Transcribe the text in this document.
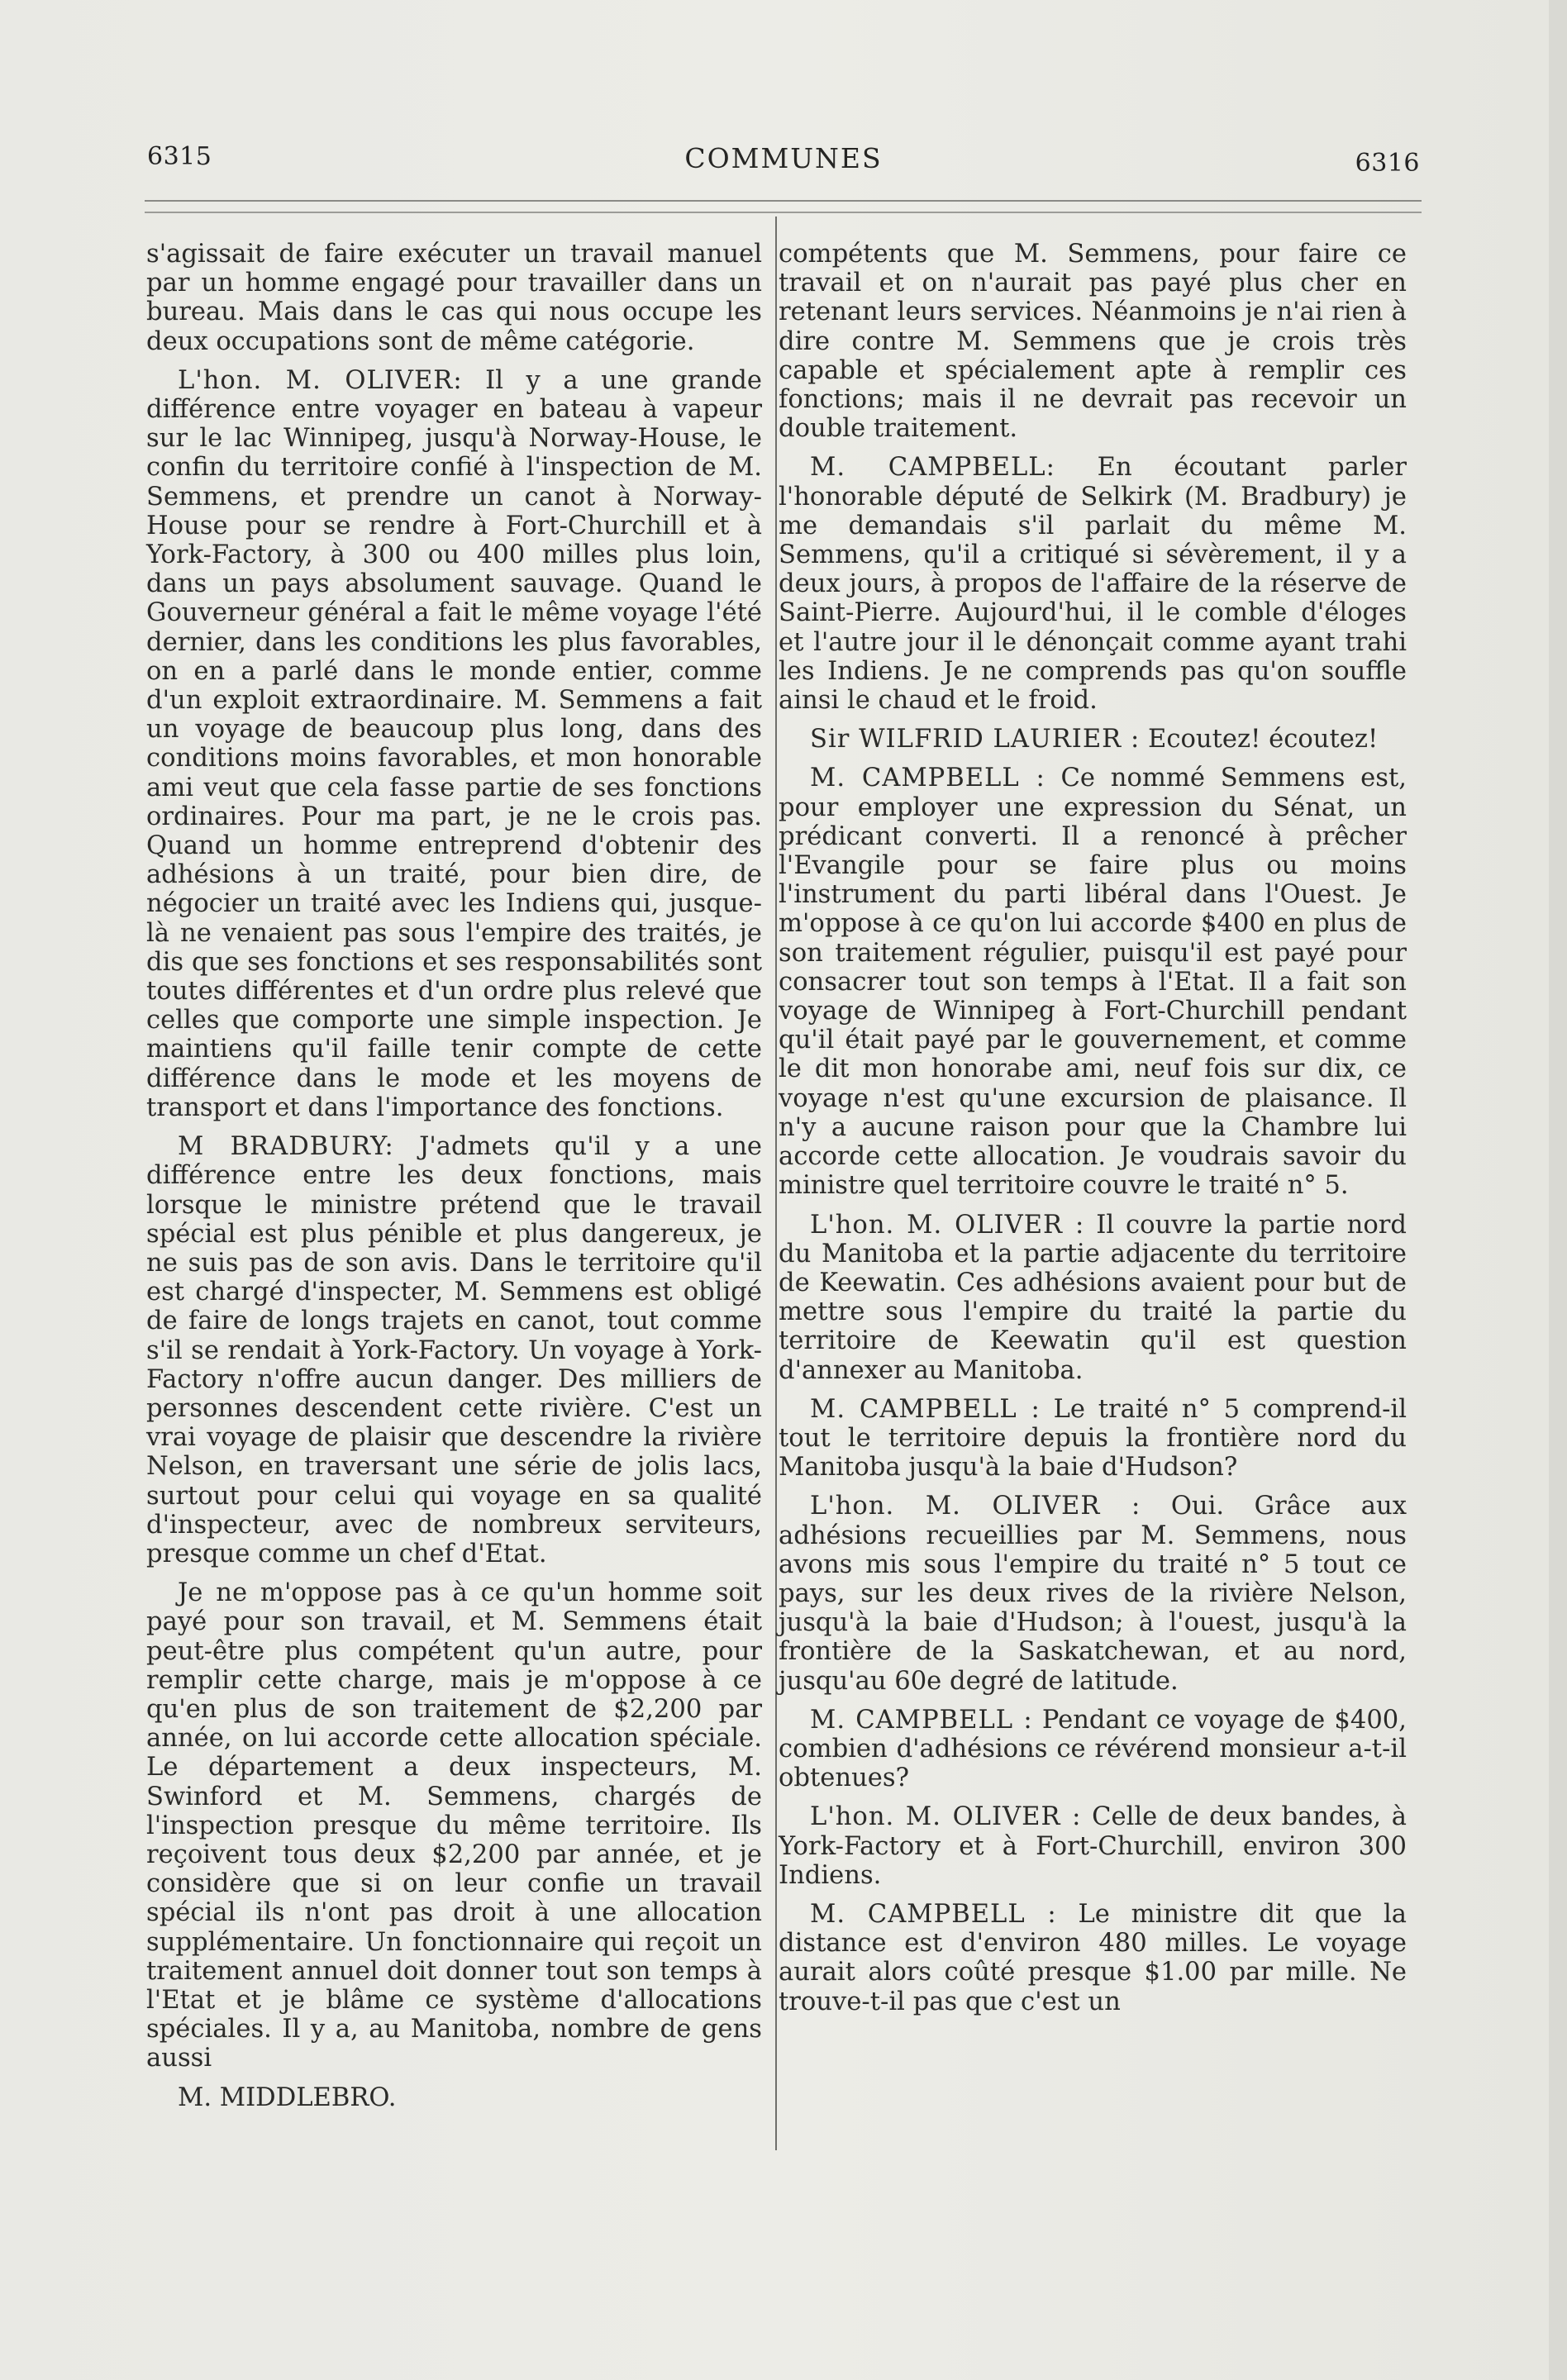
6315	COMMUNES	6316

s'agissait de faire exécuter un travail manuel par un homme engagé pour travailler dans un bureau. Mais dans le cas qui nous occupe les deux occupations sont de même catégorie.

L'hon. M. OLIVER: Il y a une grande différence entre voyager en bateau à vapeur sur le lac Winnipeg, jusqu'à Norway-House, le confin du territoire confié à l'inspection de M. Semmens, et prendre un canot à Norway-House pour se rendre à Fort-Churchill et à York-Factory, à 300 ou 400 milles plus loin, dans un pays absolument sauvage. Quand le Gouverneur général a fait le même voyage l'été dernier, dans les conditions les plus favorables, on en a parlé dans le monde entier, comme d'un exploit extraordinaire. M. Semmens a fait un voyage de beaucoup plus long, dans des conditions moins favorables, et mon honorable ami veut que cela fasse partie de ses fonctions ordinaires. Pour ma part, je ne le crois pas. Quand un homme entreprend d'obtenir des adhésions à un traité, pour bien dire, de négocier un traité avec les Indiens qui, jusque-là ne venaient pas sous l'empire des traités, je dis que ses fonctions et ses responsabilités sont toutes différentes et d'un ordre plus relevé que celles que comporte une simple inspection. Je maintiens qu'il faille tenir compte de cette différence dans le mode et les moyens de transport et dans l'importance des fonctions.

M BRADBURY: J'admets qu'il y a une différence entre les deux fonctions, mais lorsque le ministre prétend que le travail spécial est plus pénible et plus dangereux, je ne suis pas de son avis. Dans le territoire qu'il est chargé d'inspecter, M. Semmens est obligé de faire de longs trajets en canot, tout comme s'il se rendait à York-Factory. Un voyage à York-Factory n'offre aucun danger. Des milliers de personnes descendent cette rivière. C'est un vrai voyage de plaisir que descendre la rivière Nelson, en traversant une série de jolis lacs, surtout pour celui qui voyage en sa qualité d'inspecteur, avec de nombreux serviteurs, presque comme un chef d'Etat.

Je ne m'oppose pas à ce qu'un homme soit payé pour son travail, et M. Semmens était peut-être plus compétent qu'un autre, pour remplir cette charge, mais je m'oppose à ce qu'en plus de son traitement de $2,200 par année, on lui accorde cette allocation spéciale. Le département a deux inspecteurs, M. Swinford et M. Semmens, chargés de l'inspection presque du même territoire. Ils reçoivent tous deux $2,200 par année, et je considère que si on leur confie un travail spécial ils n'ont pas droit à une allocation supplémentaire. Un fonctionnaire qui reçoit un traitement annuel doit donner tout son temps à l'Etat et je blâme ce système d'allocations spéciales. Il y a, au Manitoba, nombre de gens aussi

M. MIDDLEBRO.

compétents que M. Semmens, pour faire ce travail et on n'aurait pas payé plus cher en retenant leurs services. Néanmoins je n'ai rien à dire contre M. Semmens que je crois très capable et spécialement apte à remplir ces fonctions; mais il ne devrait pas recevoir un double traitement.

M. CAMPBELL: En écoutant parler l'honorable député de Selkirk (M. Bradbury) je me demandais s'il parlait du même M. Semmens, qu'il a critiqué si sévèrement, il y a deux jours, à propos de l'affaire de la réserve de Saint-Pierre. Aujourd'hui, il le comble d'éloges et l'autre jour il le dénonçait comme ayant trahi les Indiens. Je ne comprends pas qu'on souffle ainsi le chaud et le froid.

Sir WILFRID LAURIER : Ecoutez! écoutez!

M. CAMPBELL : Ce nommé Semmens est, pour employer une expression du Sénat, un prédicant converti. Il a renoncé à prêcher l'Evangile pour se faire plus ou moins l'instrument du parti libéral dans l'Ouest. Je m'oppose à ce qu'on lui accorde $400 en plus de son traitement régulier, puisqu'il est payé pour consacrer tout son temps à l'Etat. Il a fait son voyage de Winnipeg à Fort-Churchill pendant qu'il était payé par le gouvernement, et comme le dit mon honorabe ami, neuf fois sur dix, ce voyage n'est qu'une excursion de plaisance. Il n'y a aucune raison pour que la Chambre lui accorde cette allocation. Je voudrais savoir du ministre quel territoire couvre le traité n° 5.

L'hon. M. OLIVER : Il couvre la partie nord du Manitoba et la partie adjacente du territoire de Keewatin. Ces adhésions avaient pour but de mettre sous l'empire du traité la partie du territoire de Keewatin qu'il est question d'annexer au Manitoba.

M. CAMPBELL : Le traité n° 5 comprend-il tout le territoire depuis la frontière nord du Manitoba jusqu'à la baie d'Hudson?

L'hon. M. OLIVER : Oui. Grâce aux adhésions recueillies par M. Semmens, nous avons mis sous l'empire du traité n° 5 tout ce pays, sur les deux rives de la rivière Nelson, jusqu'à la baie d'Hudson; à l'ouest, jusqu'à la frontière de la Saskatchewan, et au nord, jusqu'au 60e degré de latitude.

M. CAMPBELL : Pendant ce voyage de $400, combien d'adhésions ce révérend monsieur a-t-il obtenues?

L'hon. M. OLIVER : Celle de deux bandes, à York-Factory et à Fort-Churchill, environ 300 Indiens.

M. CAMPBELL : Le ministre dit que la distance est d'environ 480 milles. Le voyage aurait alors coûté presque $1.00 par mille. Ne trouve-t-il pas que c'est un
